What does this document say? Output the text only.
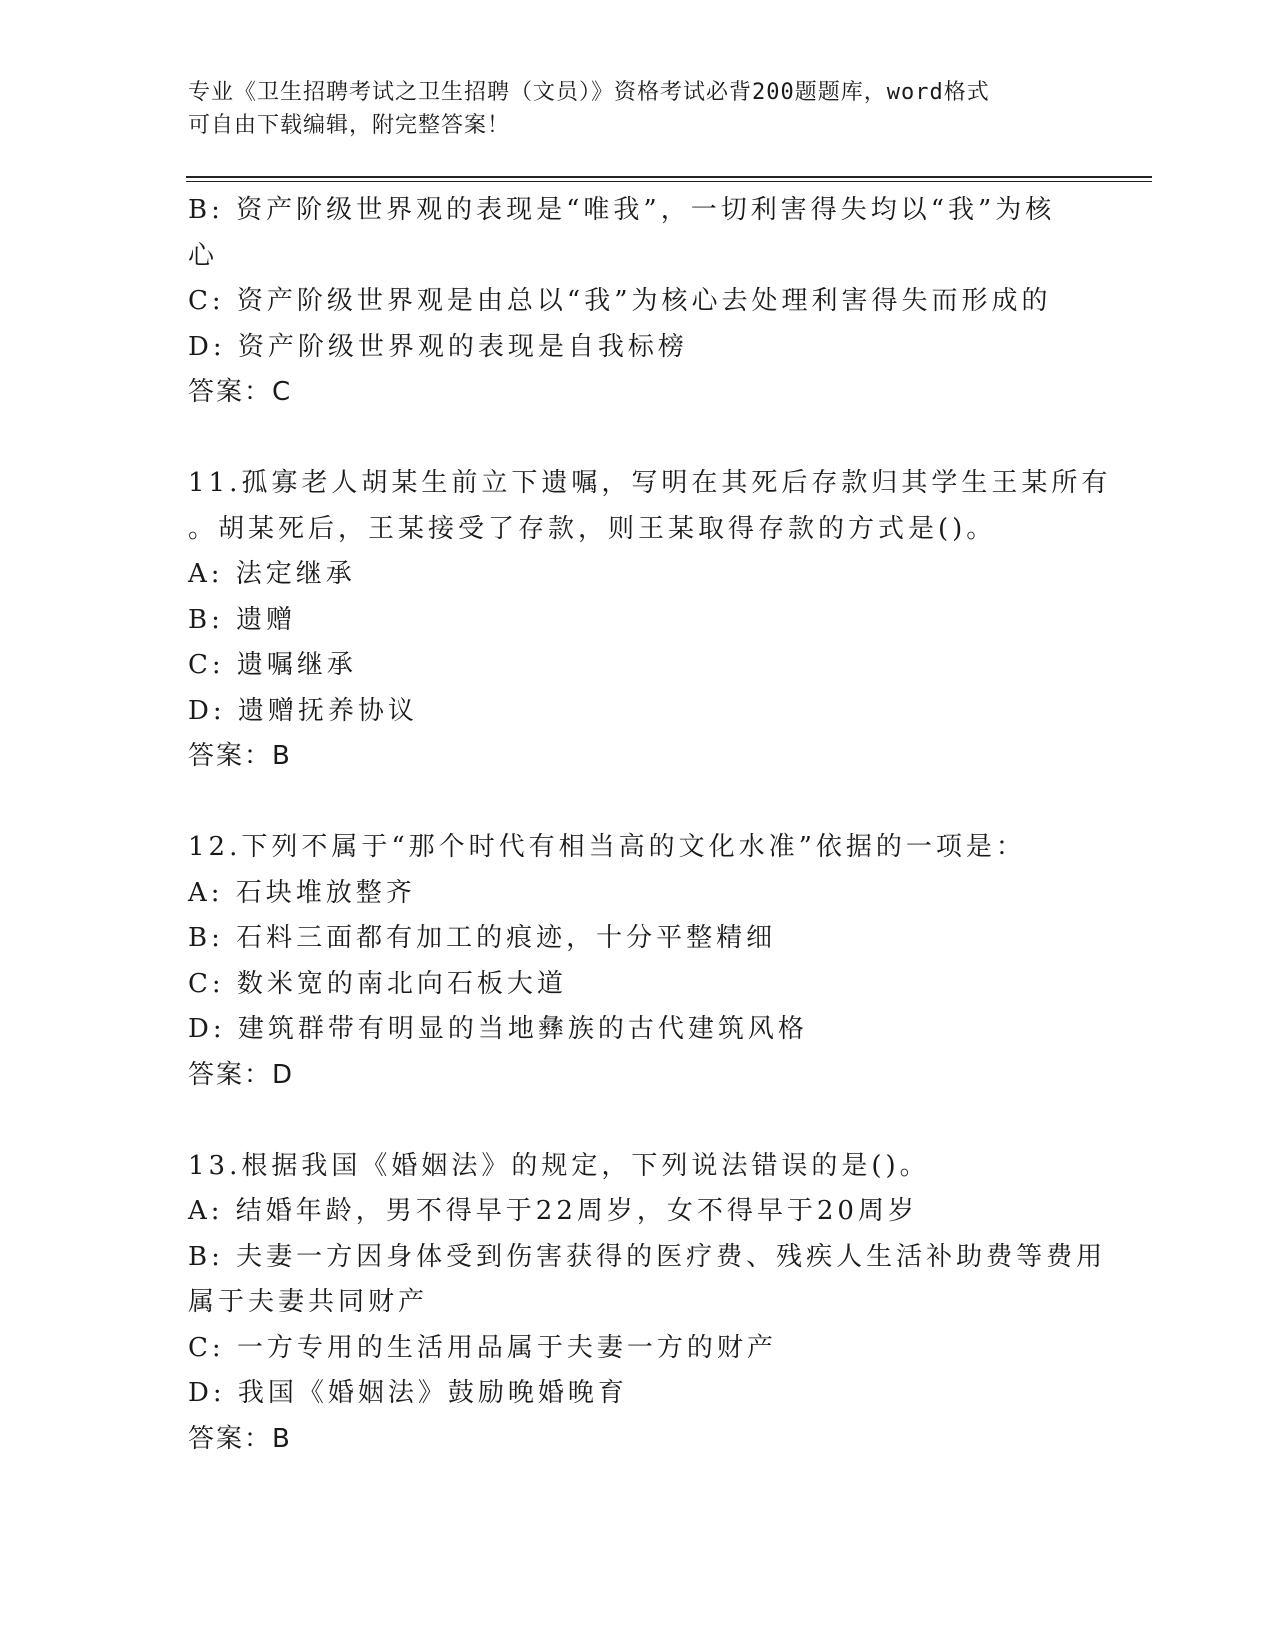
专业《卫生招聘考试之卫生招聘（文员）》资格考试必背200题题库，word格式
可自由下载编辑，附完整答案！
B: 资产阶级世界观的表现是“唯我”，一切利害得失均以“我”为核
心
C: 资产阶级世界观是由总以“我”为核心去处理利害得失而形成的
D: 资产阶级世界观的表现是自我标榜
答案：C
11.孤寡老人胡某生前立下遗嘱，写明在其死后存款归其学生王某所有
。胡某死后，王某接受了存款，则王某取得存款的方式是()。
A: 法定继承
B: 遗赠
C: 遗嘱继承
D: 遗赠抚养协议
答案：B
12.下列不属于“那个时代有相当高的文化水准”依据的一项是：
A: 石块堆放整齐
B: 石料三面都有加工的痕迹，十分平整精细
C: 数米宽的南北向石板大道
D: 建筑群带有明显的当地彝族的古代建筑风格
答案：D
13.根据我国《婚姻法》的规定，下列说法错误的是()。
A: 结婚年龄，男不得早于22周岁，女不得早于20周岁
B: 夫妻一方因身体受到伤害获得的医疗费、残疾人生活补助费等费用
属于夫妻共同财产
C: 一方专用的生活用品属于夫妻一方的财产
D: 我国《婚姻法》鼓励晚婚晚育
答案：B
